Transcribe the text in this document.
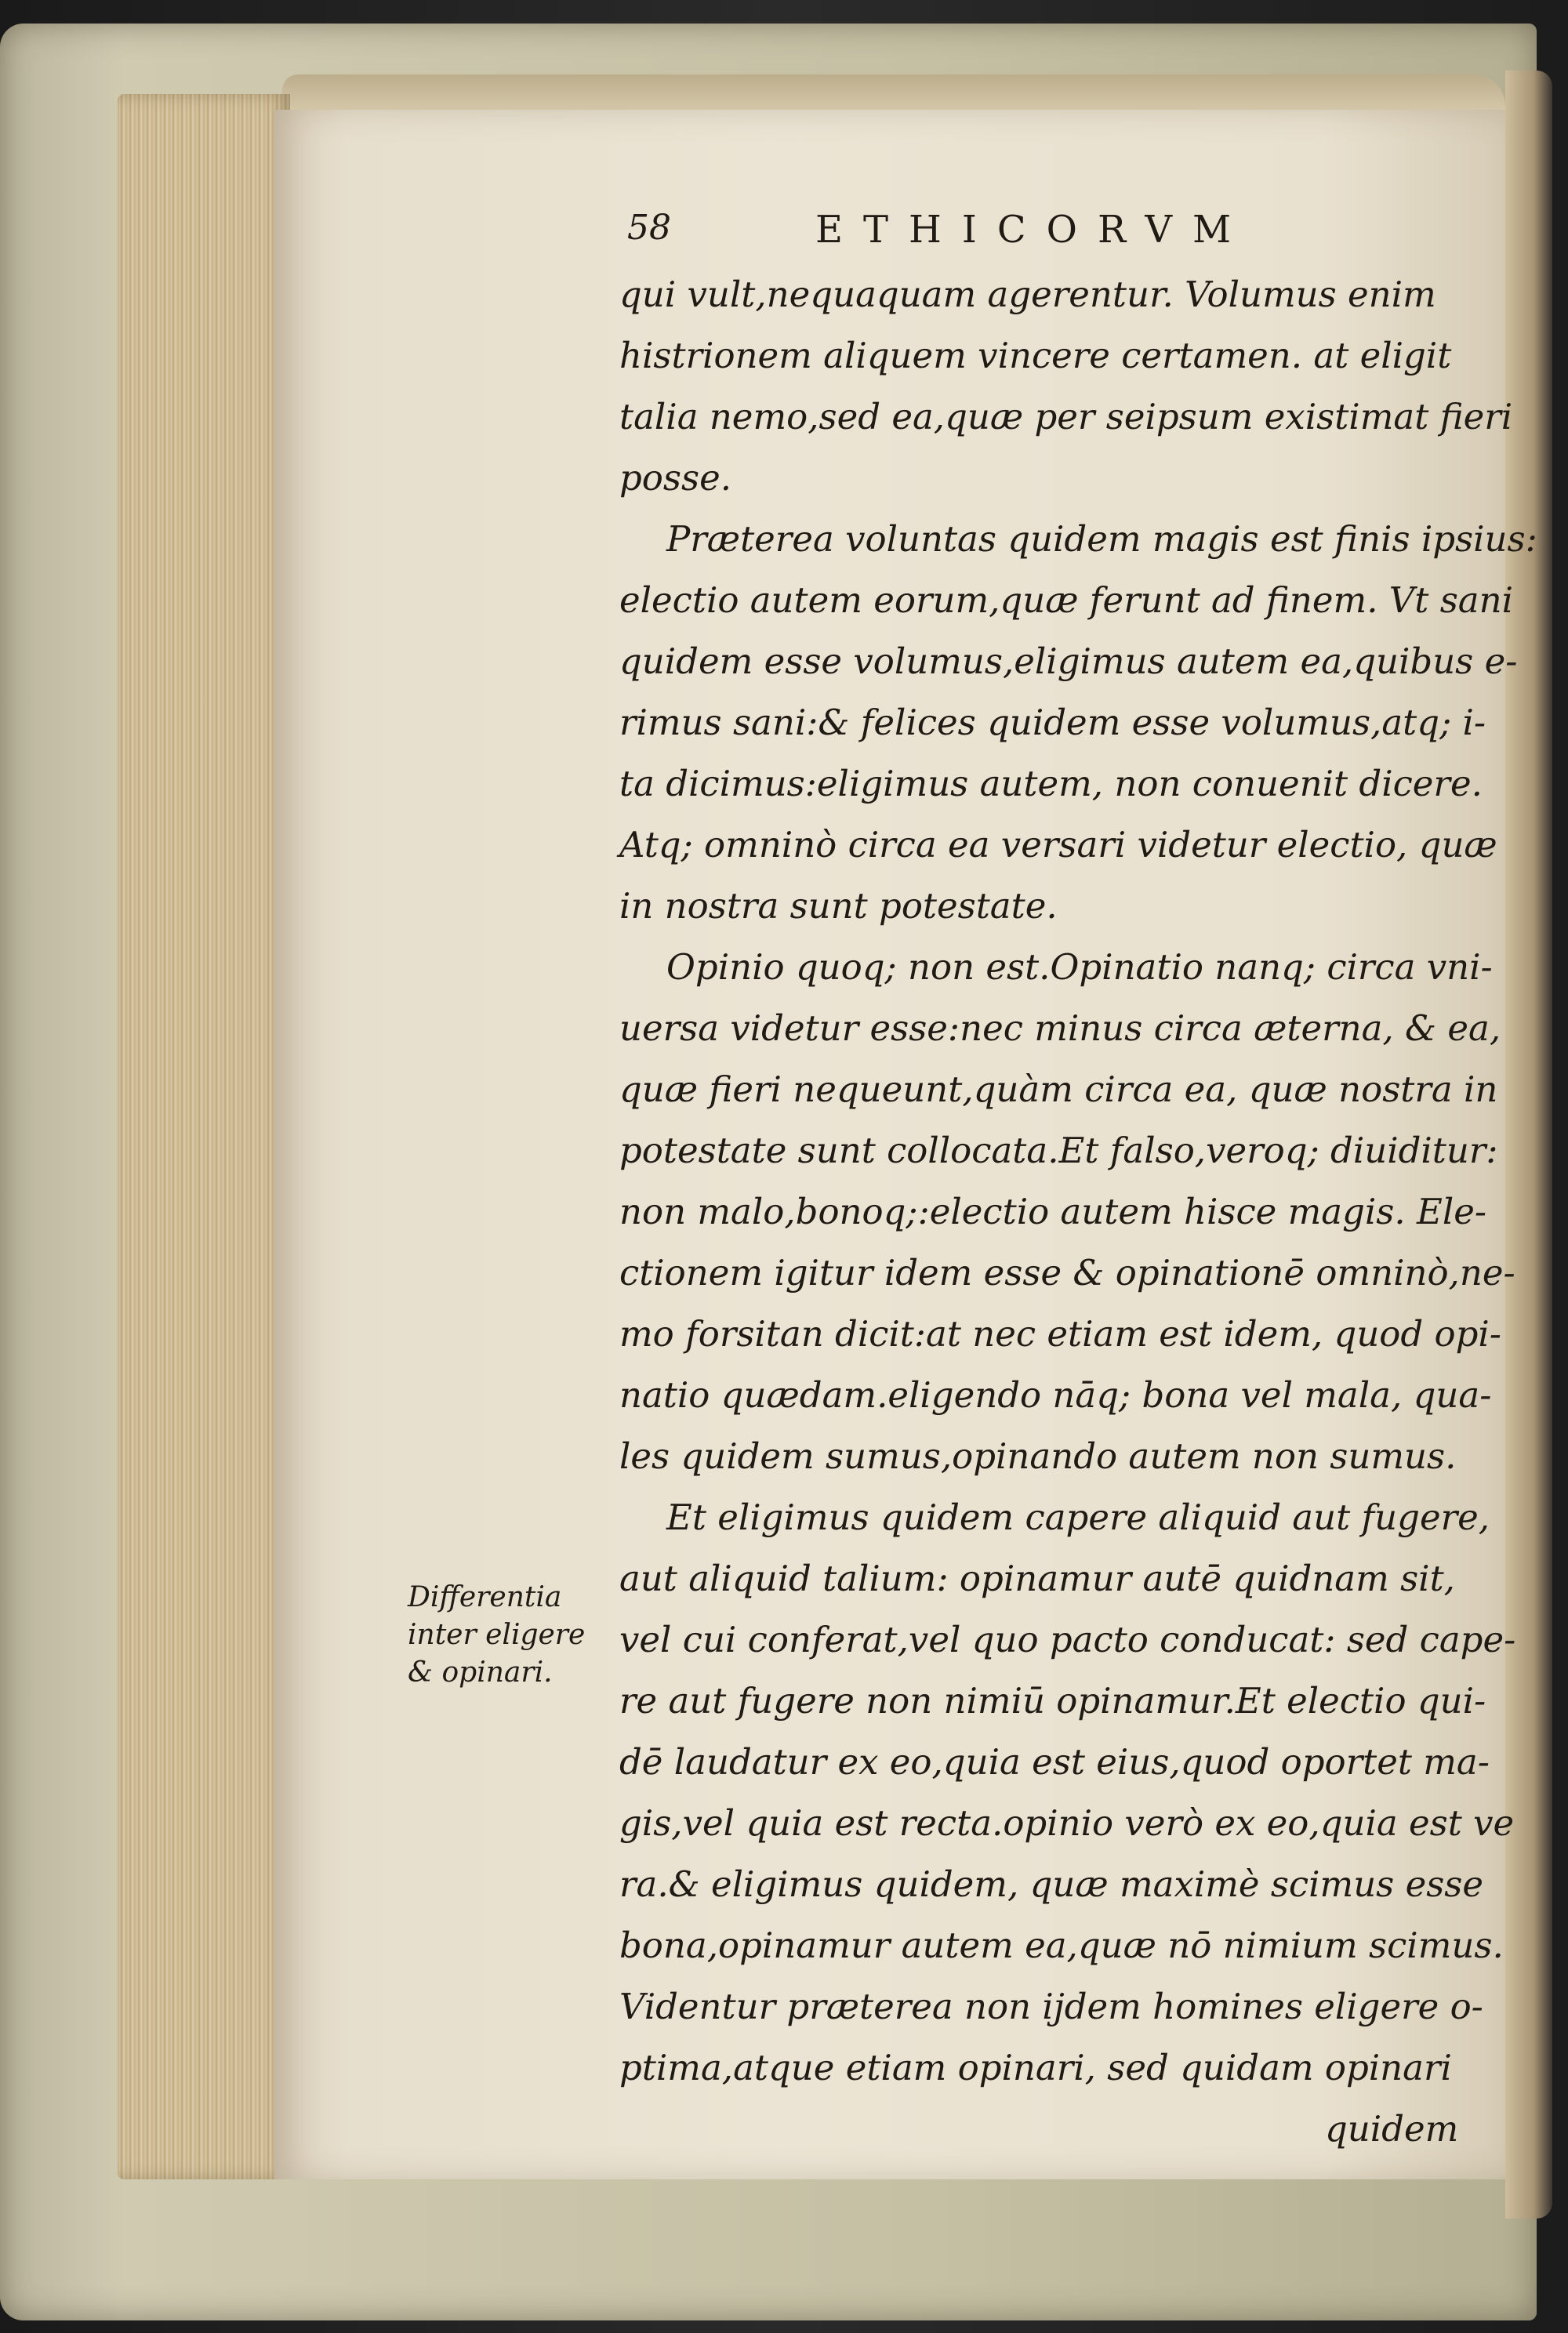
58	ETHICORVM
qui vult,nequaquam agerentur. Volumus enim
histrionem aliquem vincere certamen. at eligit
talia nemo,sed ea,quæ per seipsum existimat fieri
posse.
Præterea voluntas quidem magis est finis ipsius:
electio autem eorum,quæ ferunt ad finem. Vt sani
quidem esse volumus,eligimus autem ea,quibus e-
rimus sani:& felices quidem esse volumus,atq; i-
ta dicimus:eligimus autem, non conuenit dicere.
Atq; omninò circa ea versari videtur electio, quæ
in nostra sunt potestate.
Opinio quoq; non est.Opinatio nanq; circa vni-
uersa videtur esse:nec minus circa æterna, & ea,
quæ fieri nequeunt,quàm circa ea, quæ nostra in
potestate sunt collocata.Et falso,veroq; diuiditur:
non malo,bonoq;:electio autem hisce magis. Ele-
ctionem igitur idem esse & opinationē omninò,ne-
mo forsitan dicit:at nec etiam est idem, quod opi-
natio quædam.eligendo nāq; bona vel mala, qua-
les quidem sumus,opinando autem non sumus.
Et eligimus quidem capere aliquid aut fugere,
aut aliquid talium: opinamur autē quidnam sit,
vel cui conferat,vel quo pacto conducat: sed cape-
re aut fugere non nimiū opinamur.Et electio qui-
dē laudatur ex eo,quia est eius,quod oportet ma-
gis,vel quia est recta.opinio verò ex eo,quia est ve
ra.& eligimus quidem, quæ maximè scimus esse
bona,opinamur autem ea,quæ nō nimium scimus.
Videntur præterea non ijdem homines eligere o-
ptima,atque etiam opinari, sed quidam opinari
quidem
Differentia
inter eligere
& opinari.
